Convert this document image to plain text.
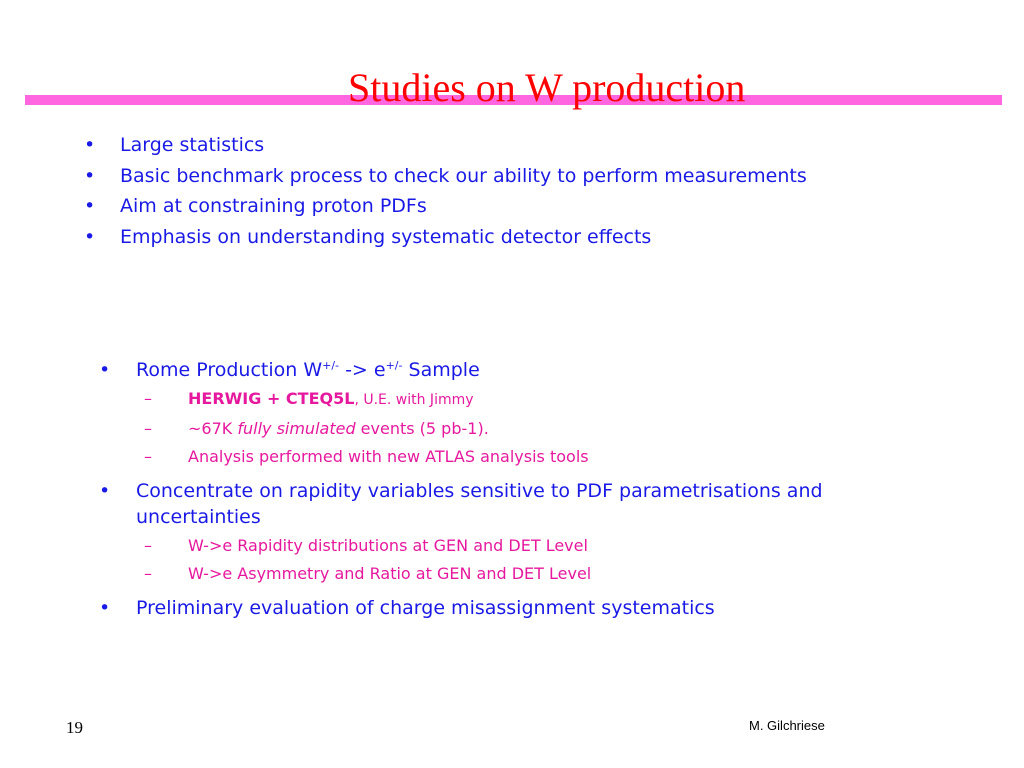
Studies on W production
• Large statistics
• Basic benchmark process to check our ability to perform measurements
• Aim at constraining proton PDFs
• Emphasis on understanding systematic detector effects
• Rome Production W+/- -> e+/- Sample
– HERWIG + CTEQ5L, U.E. with Jimmy
– ~67K fully simulated events (5 pb-1).
– Analysis performed with new ATLAS analysis tools
• Concentrate on rapidity variables sensitive to PDF parametrisations and uncertainties
– W->e Rapidity distributions at GEN and DET Level
– W->e Asymmetry and Ratio at GEN and DET Level
• Preliminary evaluation of charge misassignment systematics
19	M. Gilchriese
